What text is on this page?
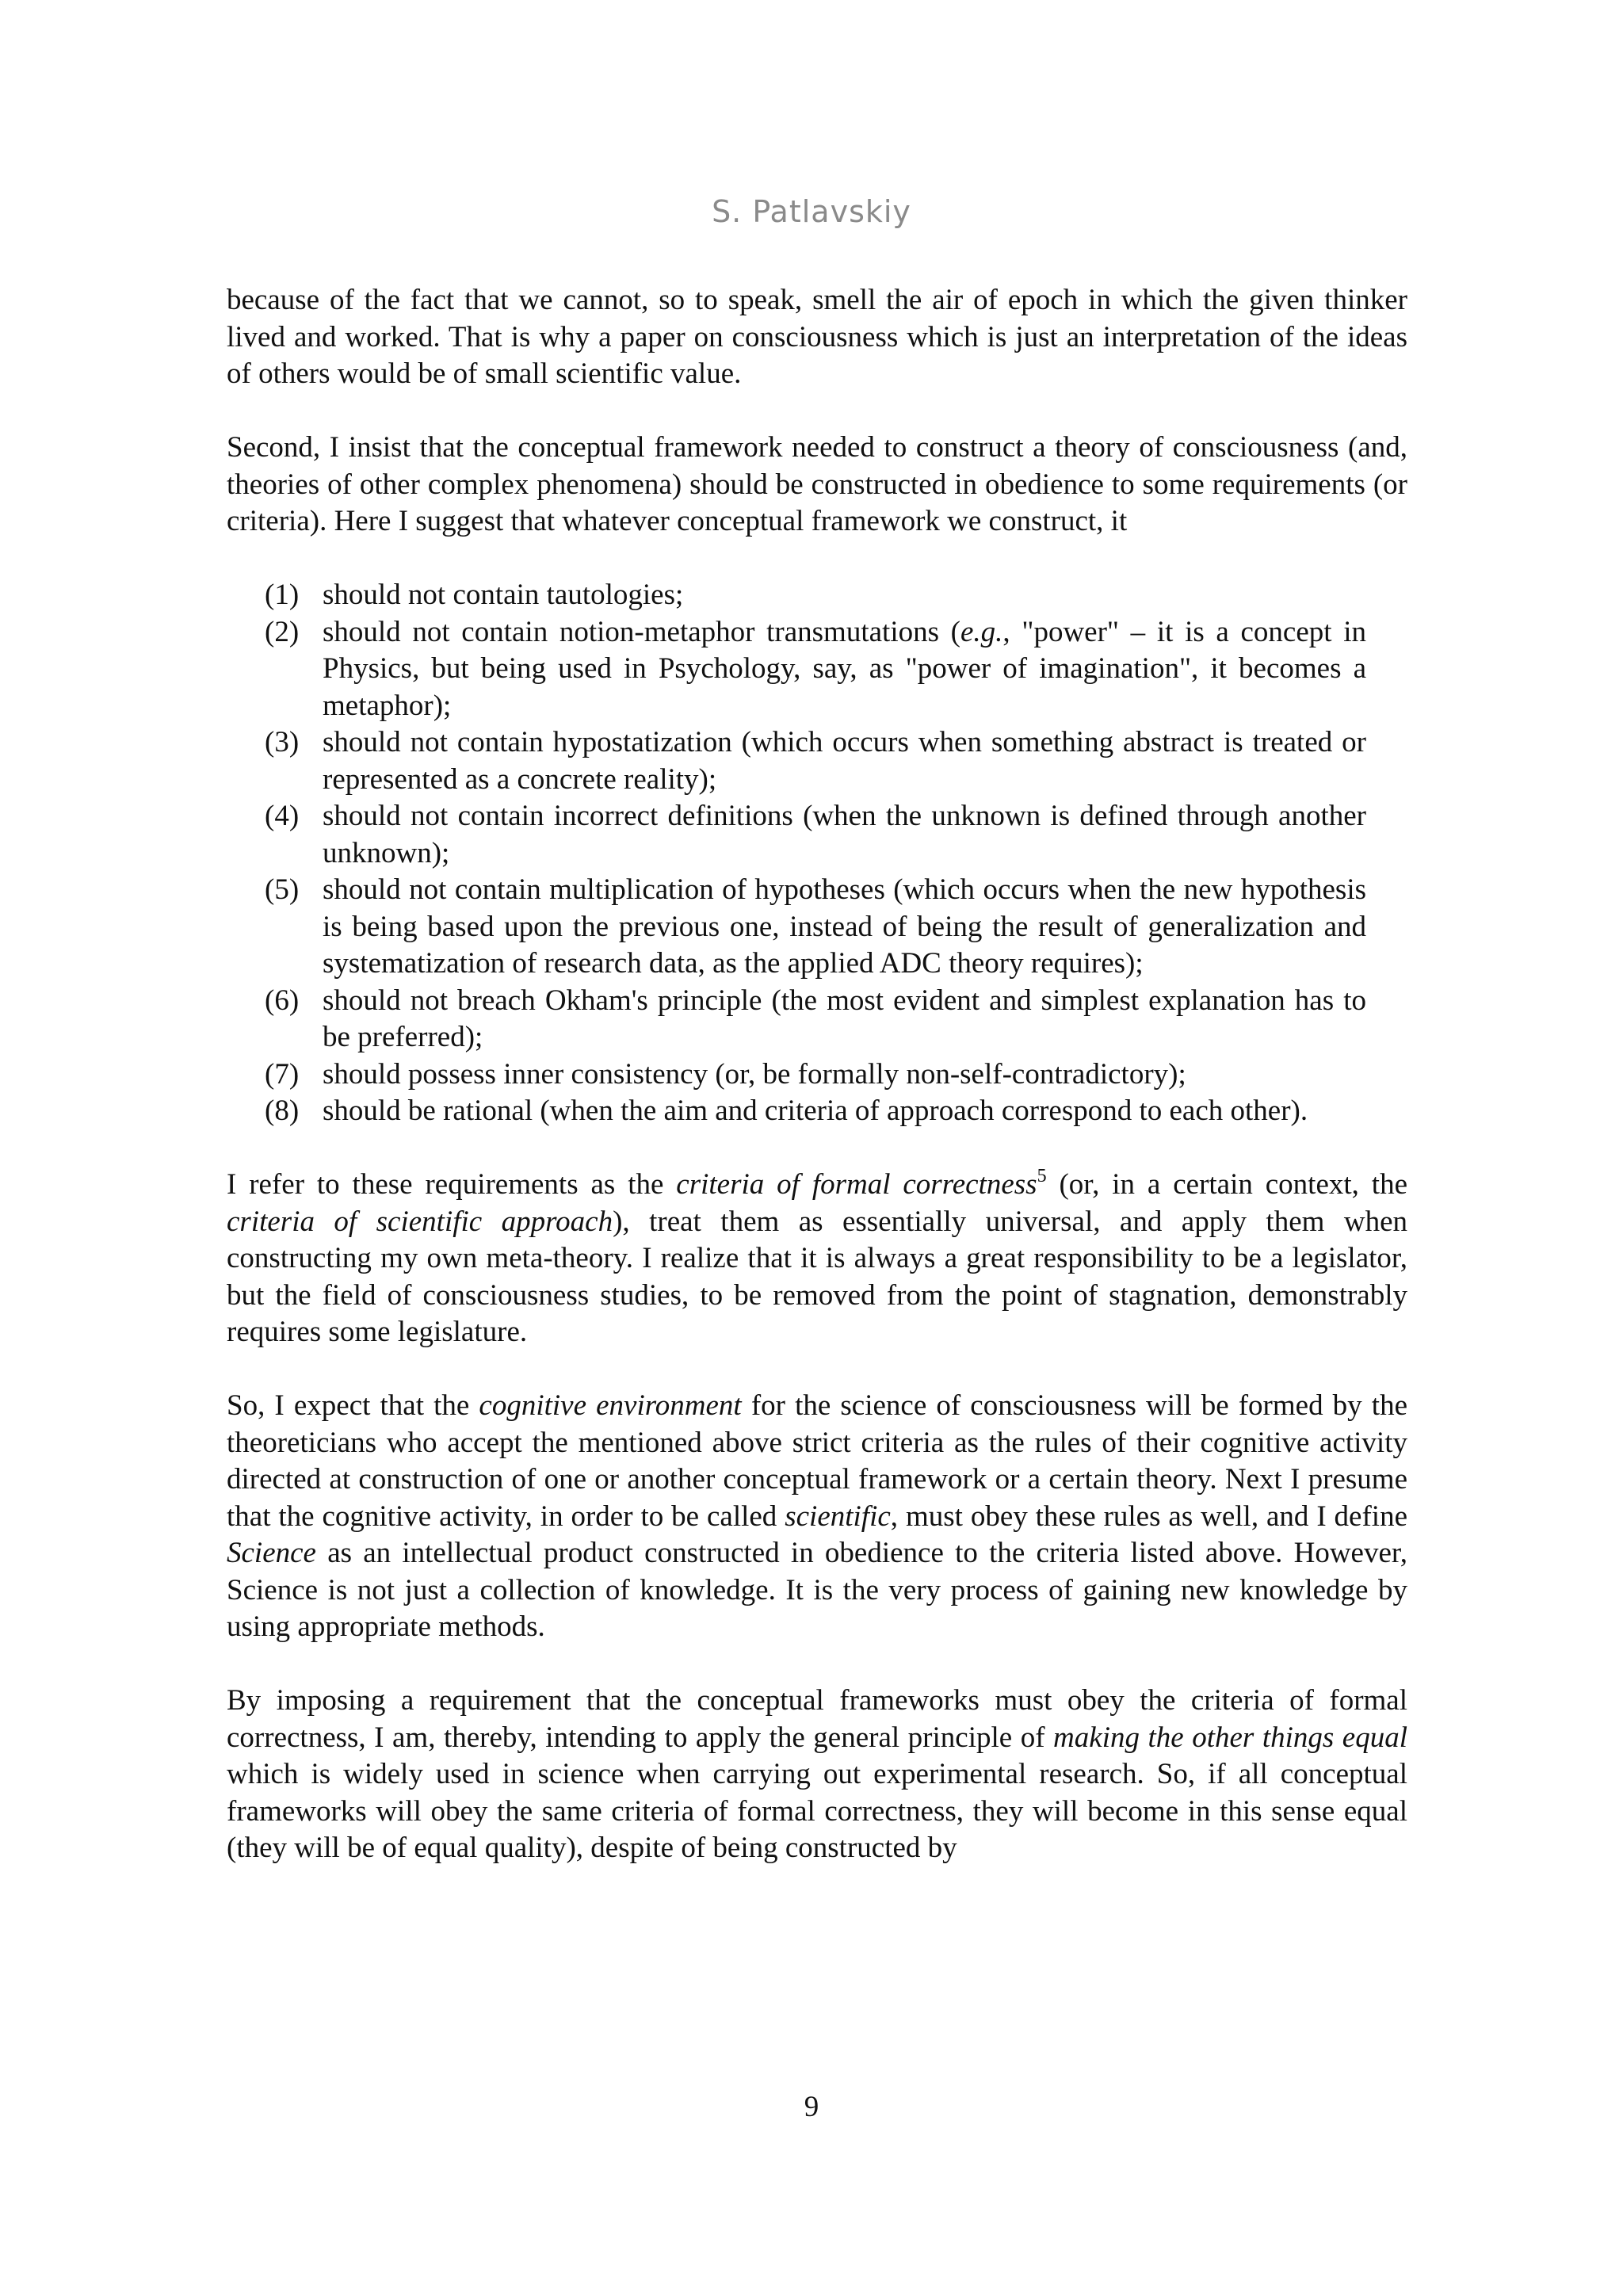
S. Patlavskiy

because of the fact that we cannot, so to speak, smell the air of epoch in which the given thinker lived and worked. That is why a paper on consciousness which is just an interpretation of the ideas of others would be of small scientific value.

Second, I insist that the conceptual framework needed to construct a theory of consciousness (and, theories of other complex phenomena) should be constructed in obedience to some requirements (or criteria). Here I suggest that whatever conceptual framework we construct, it

(1) should not contain tautologies;
(2) should not contain notion-metaphor transmutations (e.g., "power" – it is a concept in Physics, but being used in Psychology, say, as "power of imagination", it becomes a metaphor);
(3) should not contain hypostatization (which occurs when something abstract is treated or represented as a concrete reality);
(4) should not contain incorrect definitions (when the unknown is defined through another unknown);
(5) should not contain multiplication of hypotheses (which occurs when the new hypothesis is being based upon the previous one, instead of being the result of generalization and systematization of research data, as the applied ADC theory requires);
(6) should not breach Okham's principle (the most evident and simplest explanation has to be preferred);
(7) should possess inner consistency (or, be formally non-self-contradictory);
(8) should be rational (when the aim and criteria of approach correspond to each other).

I refer to these requirements as the criteria of formal correctness$^5$ (or, in a certain context, the criteria of scientific approach), treat them as essentially universal, and apply them when constructing my own meta-theory. I realize that it is always a great responsibility to be a legislator, but the field of consciousness studies, to be removed from the point of stagnation, demonstrably requires some legislature.

So, I expect that the cognitive environment for the science of consciousness will be formed by the theoreticians who accept the mentioned above strict criteria as the rules of their cognitive activity directed at construction of one or another conceptual framework or a certain theory. Next I presume that the cognitive activity, in order to be called scientific, must obey these rules as well, and I define Science as an intellectual product constructed in obedience to the criteria listed above. However, Science is not just a collection of knowledge. It is the very process of gaining new knowledge by using appropriate methods.

By imposing a requirement that the conceptual frameworks must obey the criteria of formal correctness, I am, thereby, intending to apply the general principle of making the other things equal which is widely used in science when carrying out experimental research. So, if all conceptual frameworks will obey the same criteria of formal correctness, they will become in this sense equal (they will be of equal quality), despite of being constructed by

9
